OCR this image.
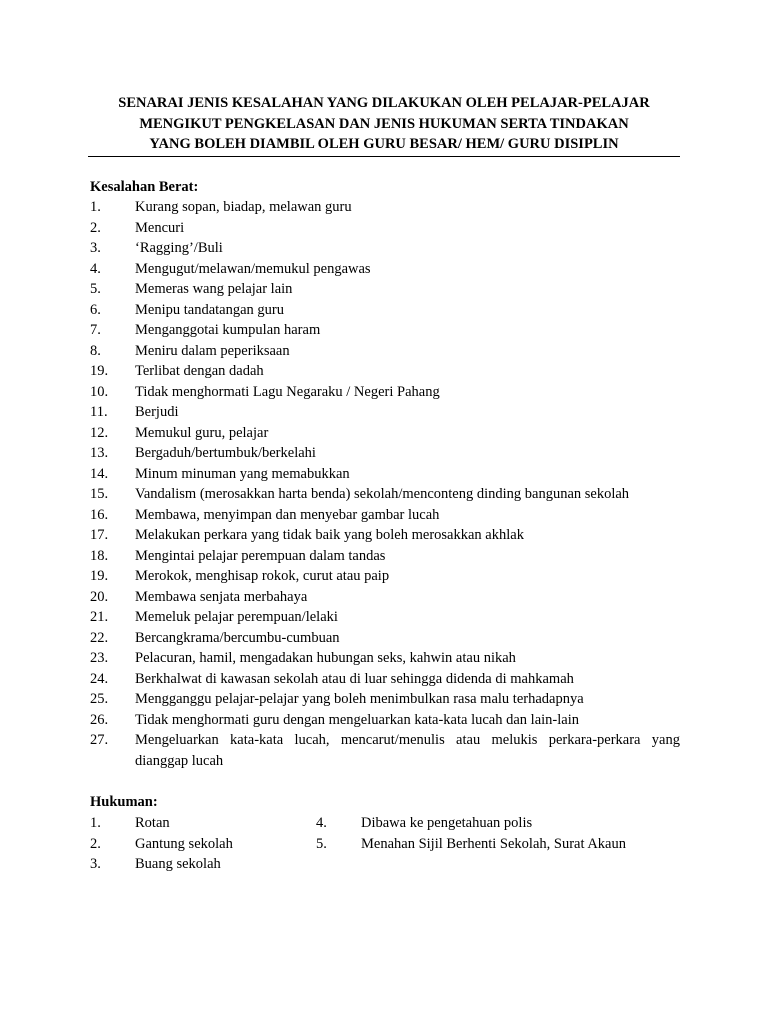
SENARAI JENIS KESALAHAN YANG DILAKUKAN OLEH PELAJAR-PELAJAR
MENGIKUT PENGKELASAN DAN JENIS HUKUMAN SERTA TINDAKAN
YANG BOLEH DIAMBIL OLEH GURU BESAR/ HEM/ GURU DISIPLIN
Kesalahan Berat:
1. Kurang sopan, biadap, melawan guru
2. Mencuri
3. ‘Ragging’/Buli
4. Mengugut/melawan/memukul pengawas
5. Memeras wang pelajar lain
6. Menipu tandatangan guru
7. Menganggotai kumpulan haram
8. Meniru dalam peperiksaan
19. Terlibat dengan dadah
10. Tidak menghormati Lagu Negaraku / Negeri Pahang
11. Berjudi
12. Memukul guru, pelajar
13. Bergaduh/bertumbuk/berkelahi
14. Minum minuman yang memabukkan
15. Vandalism (merosakkan harta benda) sekolah/menconteng dinding bangunan sekolah
16. Membawa, menyimpan dan menyebar gambar lucah
17. Melakukan perkara yang tidak baik yang boleh merosakkan akhlak
18. Mengintai pelajar perempuan dalam tandas
19. Merokok, menghisap rokok, curut atau paip
20. Membawa senjata merbahaya
21. Memeluk pelajar perempuan/lelaki
22. Bercangkrama/bercumbu-cumbuan
23. Pelacuran, hamil, mengadakan hubungan seks, kahwin atau nikah
24. Berkhalwat di kawasan sekolah atau di luar sehingga didenda di mahkamah
25. Mengganggu pelajar-pelajar yang boleh menimbulkan rasa malu terhadapnya
26. Tidak menghormati guru dengan mengeluarkan kata-kata lucah dan lain-lain
27. Mengeluarkan kata-kata lucah, mencarut/menulis atau melukis perkara-perkara yang dianggap lucah
Hukuman:
1. Rotan
2. Gantung sekolah
3. Buang sekolah
4. Dibawa ke pengetahuan polis
5. Menahan Sijil Berhenti Sekolah, Surat Akaun
